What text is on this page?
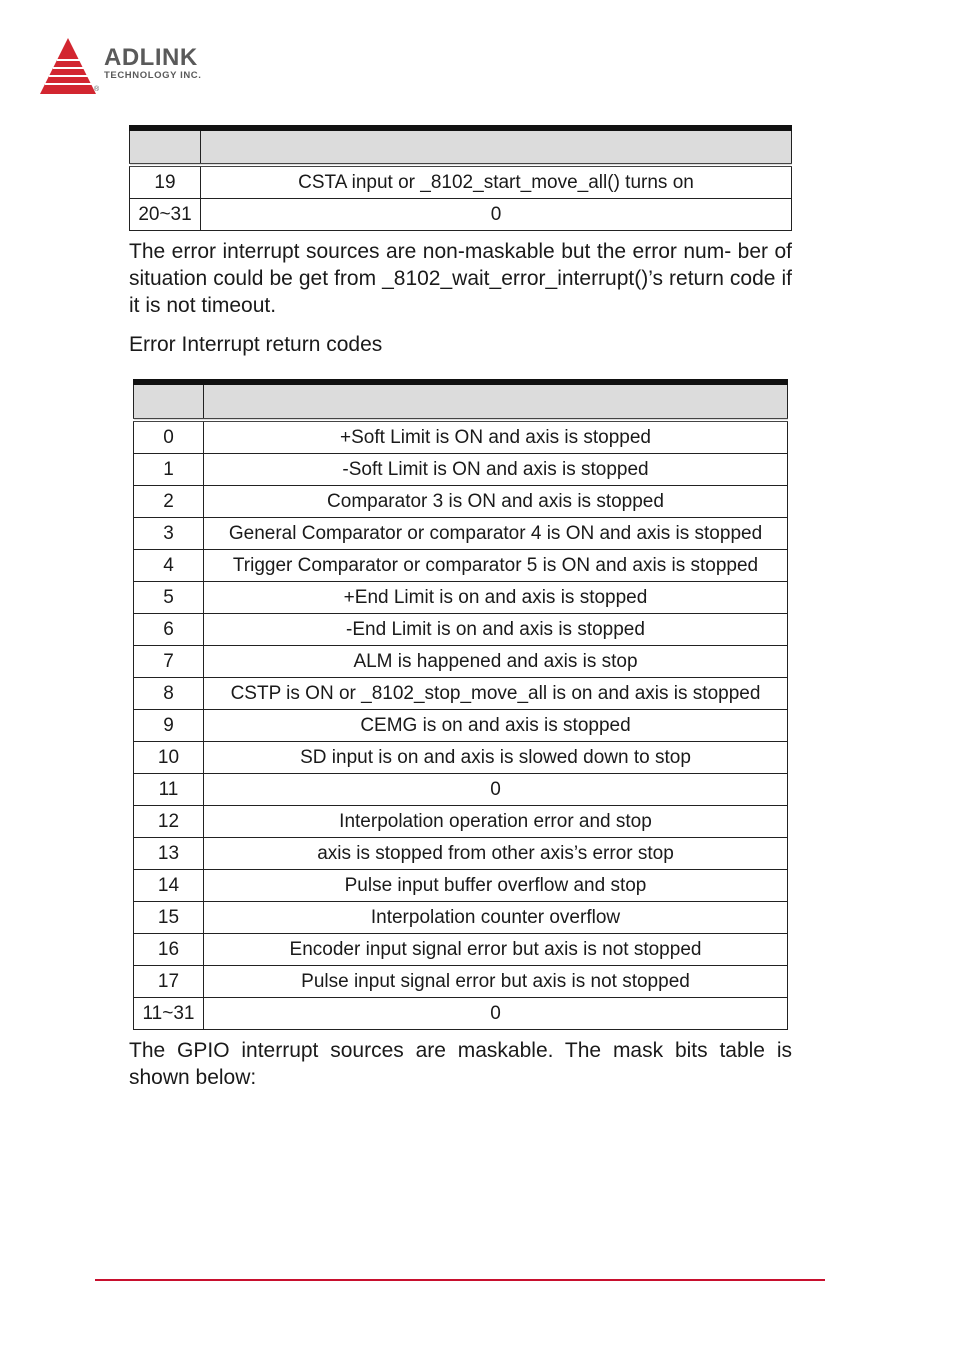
ADLINK
TECHNOLOGY INC.
®

19	CSTA input or _8102_start_move_all() turns on
20~31	0

The error interrupt sources are non-maskable but the error num- ber of situation could be get from _8102_wait_error_interrupt()’s return code if it is not timeout.

Error Interrupt return codes

0	+Soft Limit is ON and axis is stopped
1	-Soft Limit is ON and axis is stopped
2	Comparator 3 is ON and axis is stopped
3	General Comparator or comparator 4 is ON and axis is stopped
4	Trigger Comparator or comparator 5 is ON and axis is stopped
5	+End Limit is on and axis is stopped
6	-End Limit is on and axis is stopped
7	ALM is happened and axis is stop
8	CSTP is ON or _8102_stop_move_all is on and axis is stopped
9	CEMG is on and axis is stopped
10	SD input is on and axis is slowed down to stop
11	0
12	Interpolation operation error and stop
13	axis is stopped from other axis’s error stop
14	Pulse input buffer overflow and stop
15	Interpolation counter overflow
16	Encoder input signal error but axis is not stopped
17	Pulse input signal error but axis is not stopped
11~31	0

The GPIO interrupt sources are maskable. The mask bits table is shown below:
